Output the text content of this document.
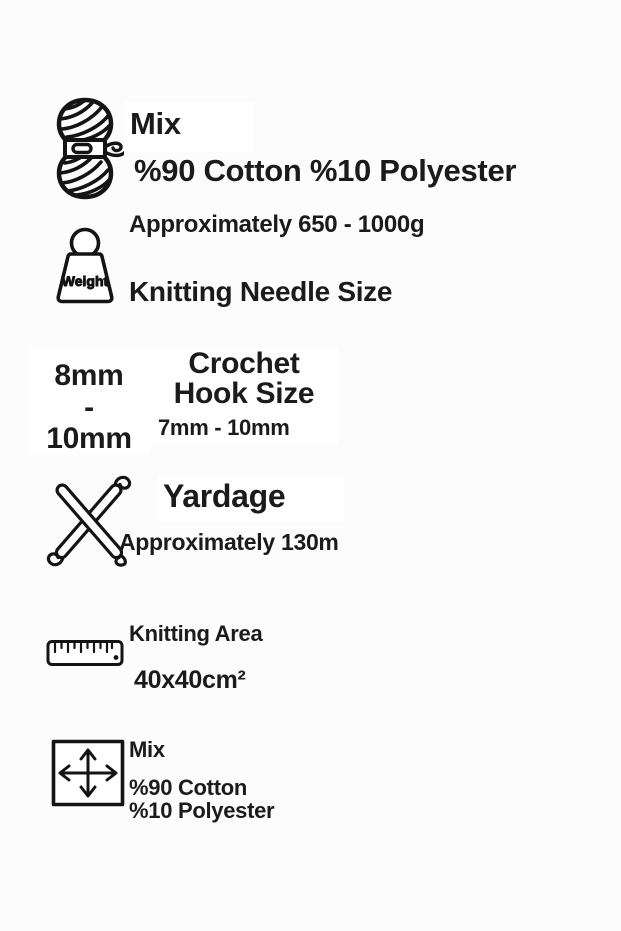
Mix
%90 Cotton %10 Polyester
Weight
Approximately 650 - 1000g
Knitting Needle Size
8mm
-
10mm
Crochet
Hook Size
7mm - 10mm
Yardage
Approximately 130m
Knitting Area
40x40cm²
Mix
%90 Cotton
%10 Polyester
